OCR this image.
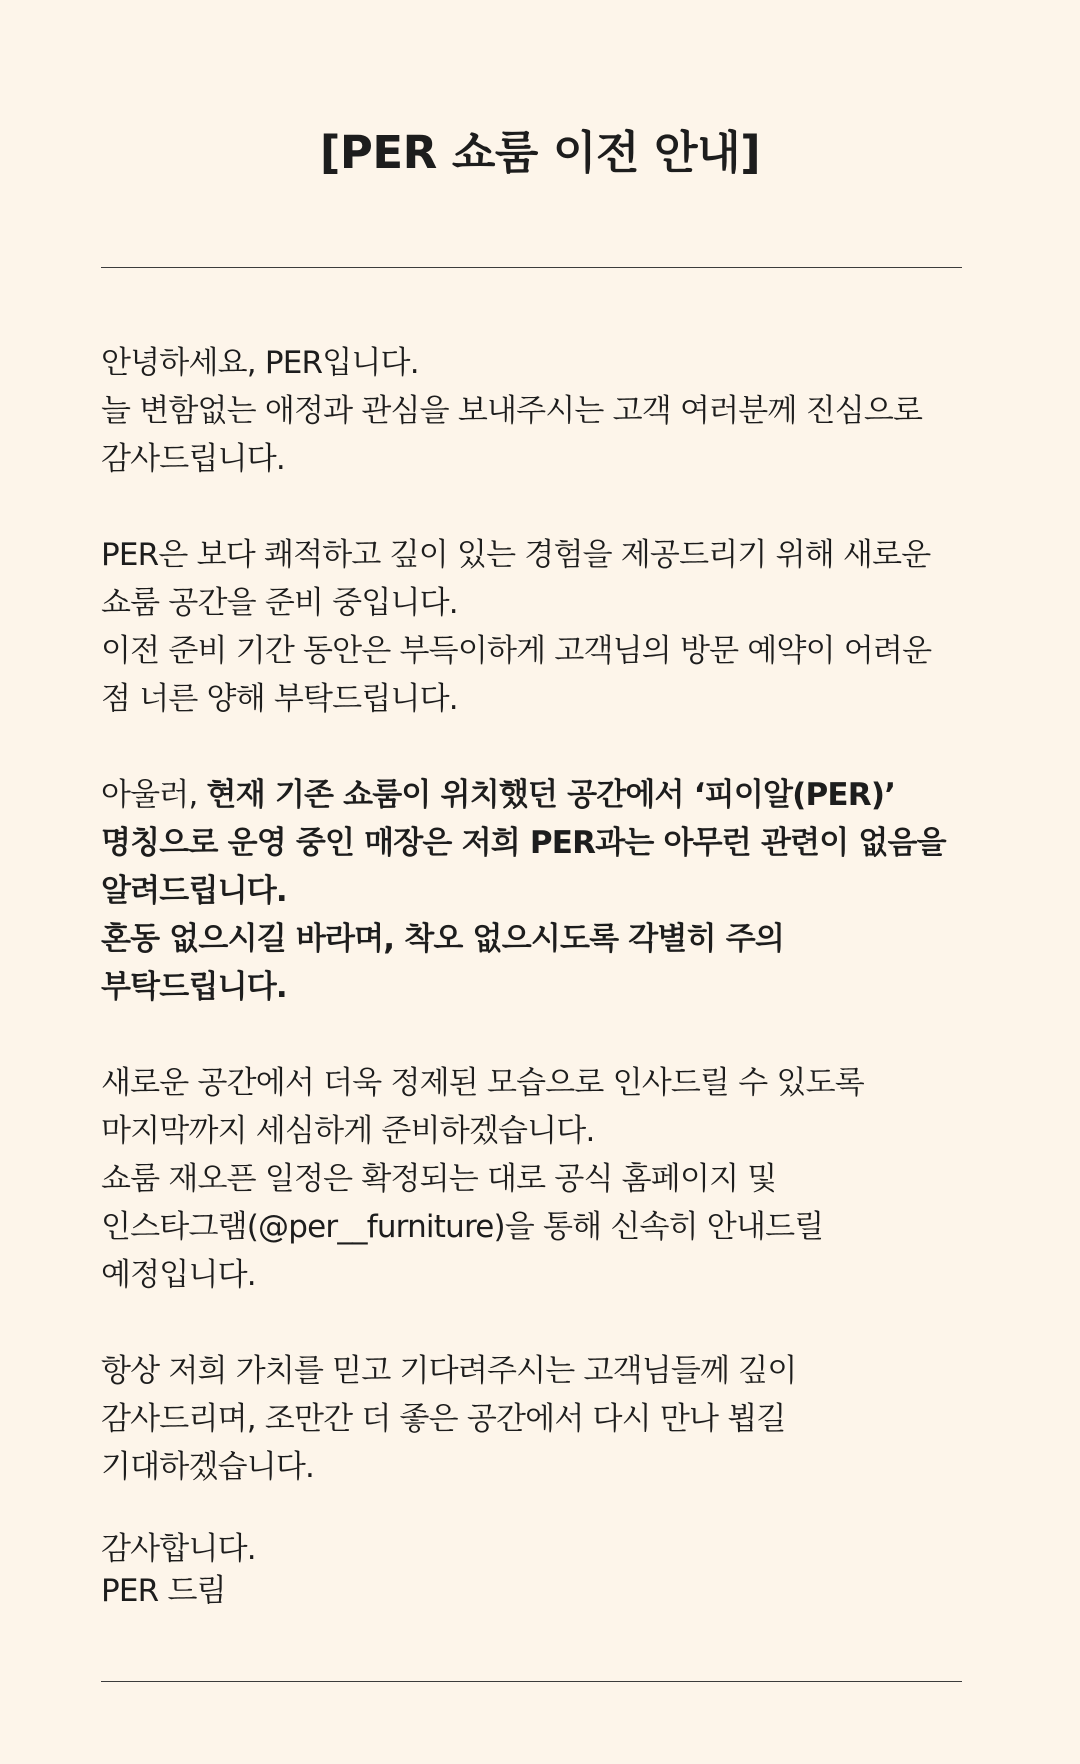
[PER 쇼룸 이전 안내]

안녕하세요, PER입니다.

늘 변함없는 애정과 관심을 보내주시는 고객 여러분께 진심으로

감사드립니다.

PER은 보다 쾌적하고 깊이 있는 경험을 제공드리기 위해 새로운

쇼룸 공간을 준비 중입니다.

이전 준비 기간 동안은 부득이하게 고객님의 방문 예약이 어려운

점 너른 양해 부탁드립니다.

아울러, 현재 기존 쇼룸이 위치했던 공간에서 ‘피이알(PER)’

명칭으로 운영 중인 매장은 저희 PER과는 아무런 관련이 없음을

알려드립니다.

혼동 없으시길 바라며, 착오 없으시도록 각별히 주의

부탁드립니다.

새로운 공간에서 더욱 정제된 모습으로 인사드릴 수 있도록

마지막까지 세심하게 준비하겠습니다.

쇼룸 재오픈 일정은 확정되는 대로 공식 홈페이지 및

인스타그램(@per__furniture)을 통해 신속히 안내드릴

예정입니다.

항상 저희 가치를 믿고 기다려주시는 고객님들께 깊이

감사드리며, 조만간 더 좋은 공간에서 다시 만나 뵙길

기대하겠습니다.

감사합니다.

PER 드림
